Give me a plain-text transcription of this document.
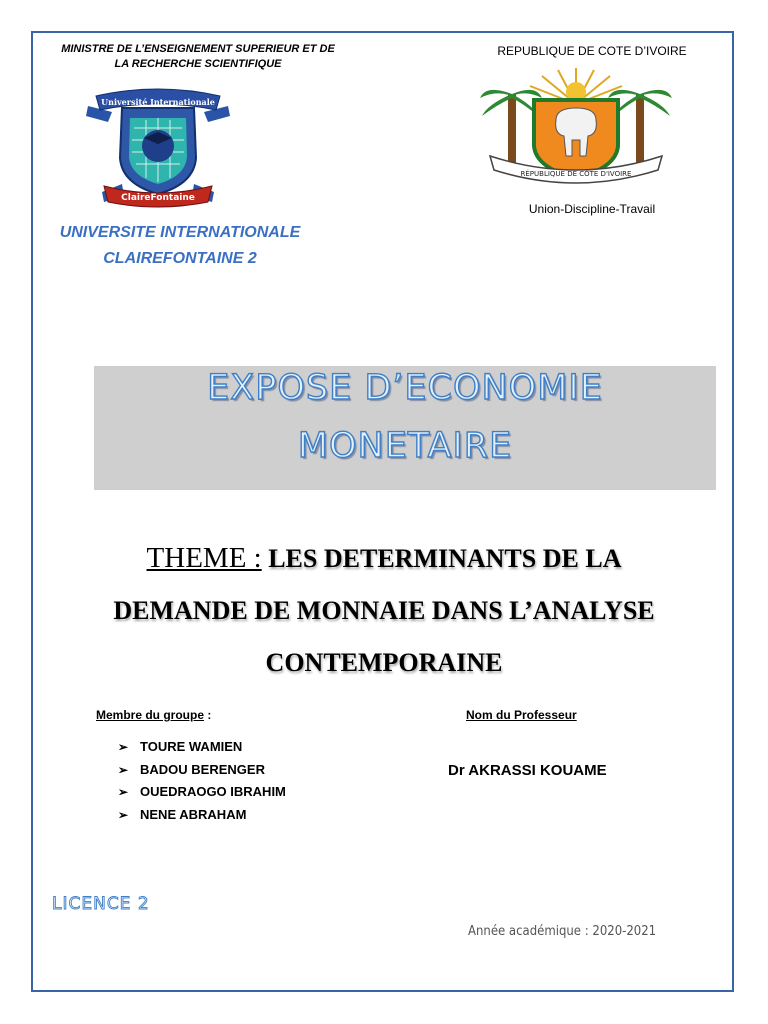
MINISTRE DE L’ENSEIGNEMENT SUPERIEUR ET DE
LA RECHERCHE SCIENTIFIQUE
Université Internationale
ClaireFontaine
UNIVERSITE INTERNATIONALE
CLAIREFONTAINE 2
REPUBLIQUE DE COTE D’IVOIRE
RÉPUBLIQUE DE CÔTE D'IVOIRE
Union-Discipline-Travail
EXPOSE D’ECONOMIE
MONETAIRE
THEME : LES DETERMINANTS DE LA
DEMANDE DE MONNAIE DANS L’ANALYSE
CONTEMPORAINE
Membre du groupe :	Nom du Professeur
➢ TOURE WAMIEN
➢ BADOU BERENGER
➢ OUEDRAOGO IBRAHIM
➢ NENE ABRAHAM
Dr AKRASSI KOUAME
LICENCE 2
Année académique : 2020-2021
